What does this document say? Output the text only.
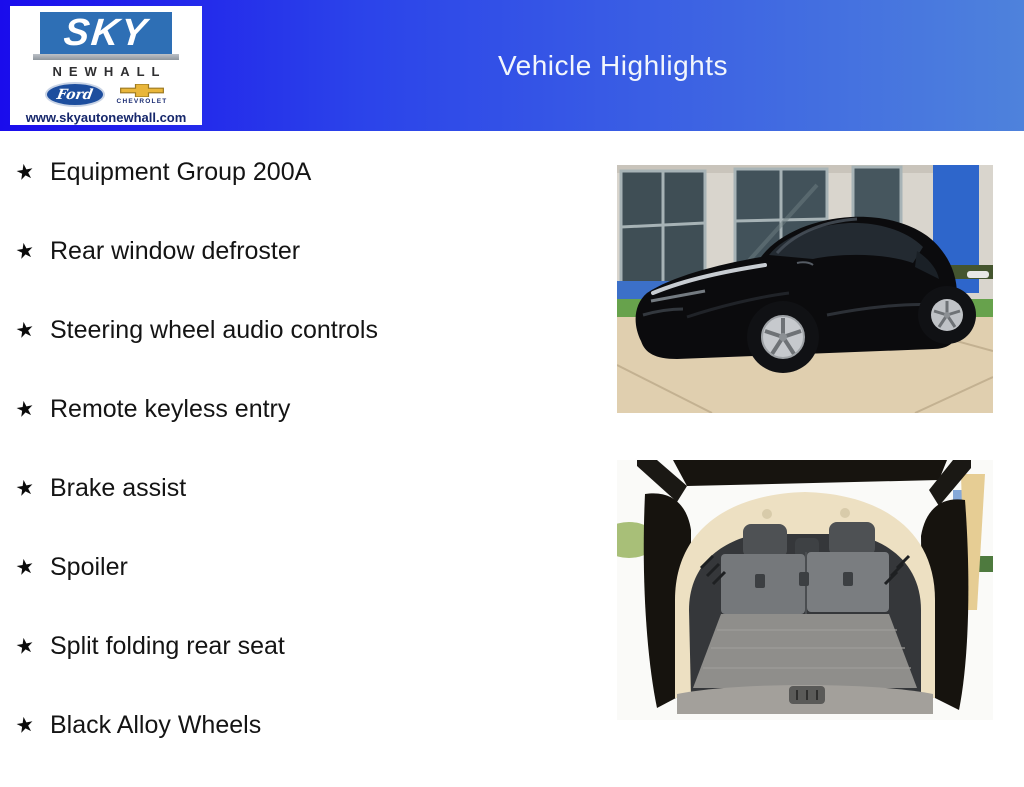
Vehicle Highlights
SKY
NEWHALL
Ford	CHEVROLET
www.skyautonewhall.com
★ Equipment Group 200A
★ Rear window defroster
★ Steering wheel audio controls
★ Remote keyless entry
★ Brake assist
★ Spoiler
★ Split folding rear seat
★ Black Alloy Wheels
